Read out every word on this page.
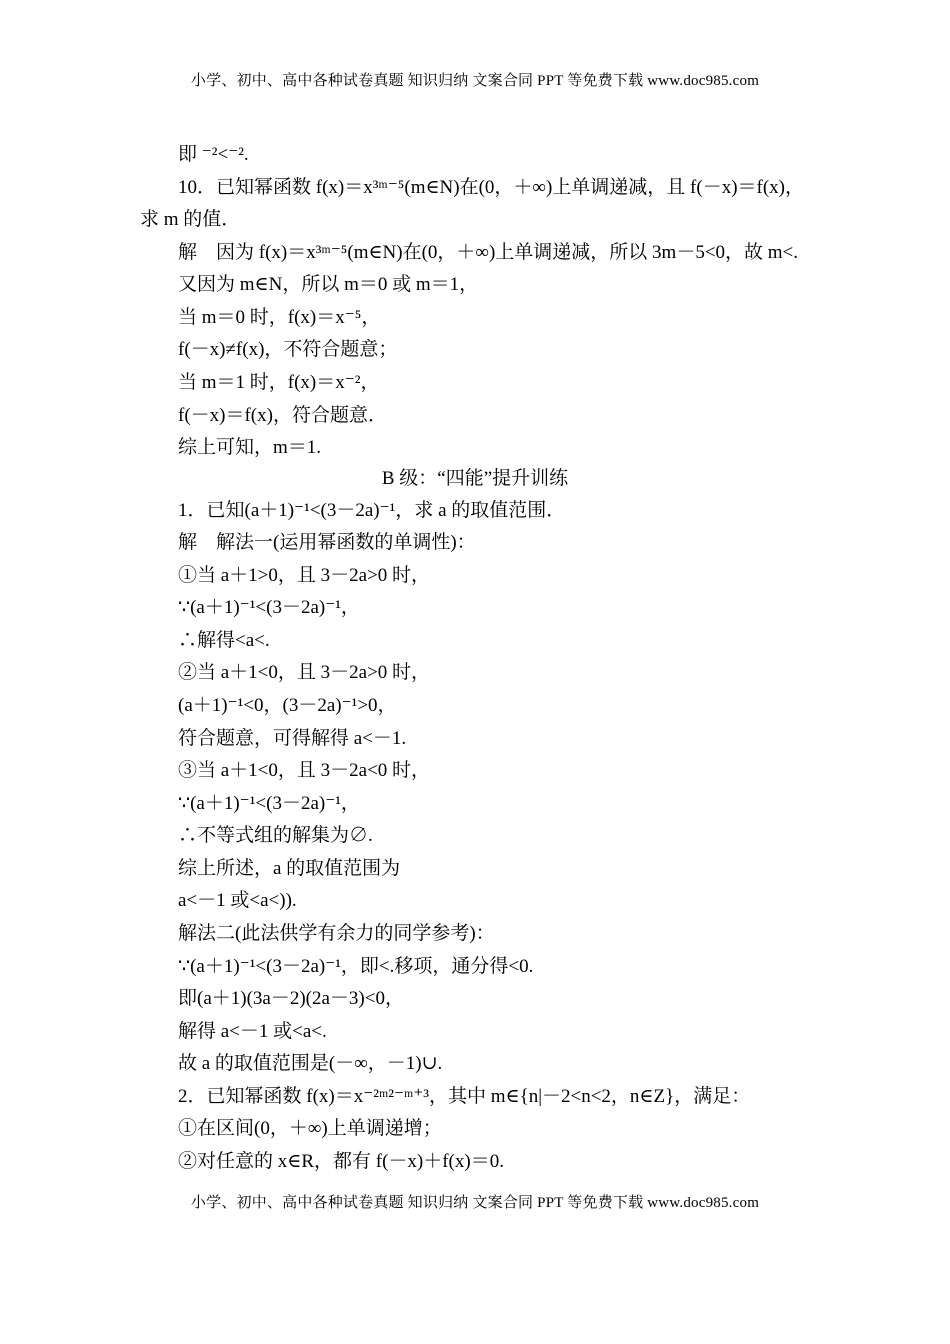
小学、初中、高中各种试卷真题 知识归纳 文案合同 PPT 等免费下载 www.doc985.com
即 ⁻²<⁻².
10．已知幂函数 f(x)＝x³ᵐ⁻⁵(m∈N)在(0，＋∞)上单调递减，且 f(－x)＝f(x)，
求 m 的值．
解　因为 f(x)＝x³ᵐ⁻⁵(m∈N)在(0，＋∞)上单调递减，所以 3m－5<0，故 m<.
又因为 m∈N，所以 m＝0 或 m＝1，
当 m＝0 时，f(x)＝x⁻⁵，
f(－x)≠f(x)，不符合题意；
当 m＝1 时，f(x)＝x⁻²，
f(－x)＝f(x)，符合题意．
综上可知，m＝1.
B 级：“四能”提升训练
1．已知(a＋1)⁻¹<(3－2a)⁻¹，求 a 的取值范围．
解　解法一(运用幂函数的单调性)：
①当 a＋1>0，且 3－2a>0 时，
∵(a＋1)⁻¹<(3－2a)⁻¹，
∴解得<a<.
②当 a＋1<0，且 3－2a>0 时，
(a＋1)⁻¹<0，(3－2a)⁻¹>0，
符合题意，可得解得 a<－1.
③当 a＋1<0，且 3－2a<0 时，
∵(a＋1)⁻¹<(3－2a)⁻¹，
∴不等式组的解集为∅.
综上所述，a 的取值范围为
a<－1 或<a<)).
解法二(此法供学有余力的同学参考)：
∵(a＋1)⁻¹<(3－2a)⁻¹，即<.移项，通分得<0.
即(a＋1)(3a－2)(2a－3)<0，
解得 a<－1 或<a<.
故 a 的取值范围是(－∞，－1)∪.
2．已知幂函数 f(x)＝x⁻²ᵐ²⁻ᵐ⁺³，其中 m∈{n|－2<n<2，n∈Z}，满足：
①在区间(0，＋∞)上单调递增；
②对任意的 x∈R，都有 f(－x)＋f(x)＝0.
小学、初中、高中各种试卷真题 知识归纳 文案合同 PPT 等免费下载 www.doc985.com
